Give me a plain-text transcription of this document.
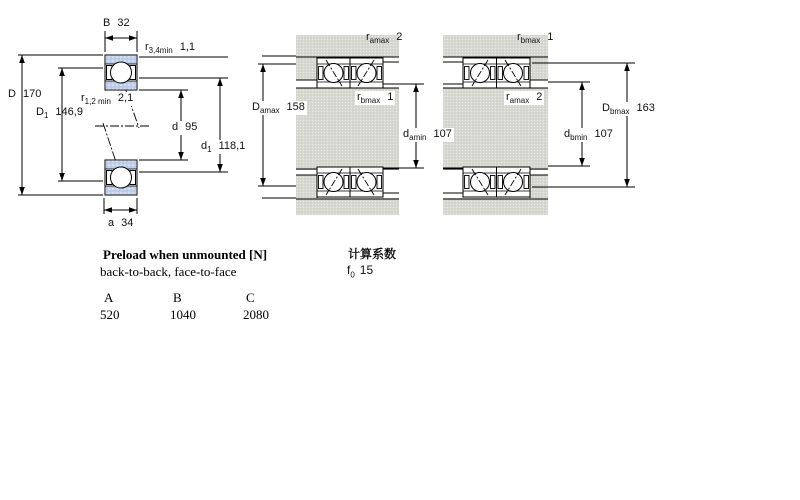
B 32
$r_{3,4min}$ 1,1
D 170	$r_{1,2 min}$ 2,1
$D_1$ 146,9
d 95
$d_1$ 118,1
a 34
$r_{amax}$ 2
$D_{amax}$ 158
$r_{bmax}$ 1
$d_{amin}$ 107
$r_{bmax}$ 1
$r_{amax}$ 2
$D_{bmax}$ 163
$d_{bmin}$ 107
Preload when unmounted [N]
back-to-back, face-to-face
计算系数
$f_0$ 15
A	B	C
520	1040	2080
